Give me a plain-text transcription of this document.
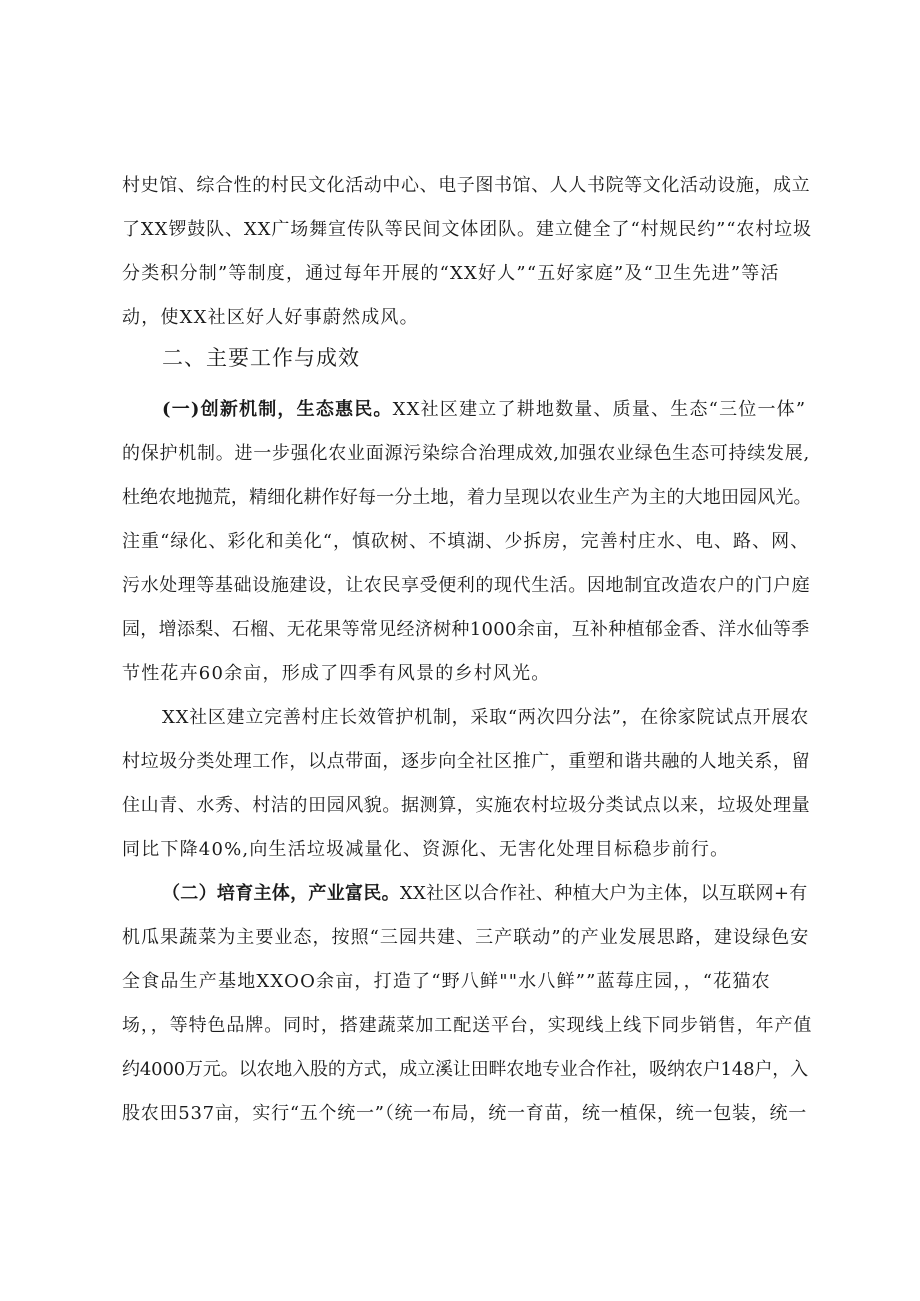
村史馆、综合性的村民文化活动中心、电子图书馆、人人书院等文化活动设施，成立
了XX锣鼓队、XX广场舞宣传队等民间文体团队。建立健全了“村规民约”“农村垃圾
分类积分制”等制度，通过每年开展的“XX好人”“五好家庭”及“卫生先进”等活
动，使XX社区好人好事蔚然成风。
二、主要工作与成效
(一)创新机制，生态惠民。XX社区建立了耕地数量、质量、生态“三位一体”
的保护机制。进一步强化农业面源污染综合治理成效,加强农业绿色生态可持续发展,
杜绝农地抛荒，精细化耕作好每一分土地，着力呈现以农业生产为主的大地田园风光。
注重“绿化、彩化和美化“，慎砍树、不填湖、少拆房，完善村庄水、电、路、网、
污水处理等基础设施建设，让农民享受便利的现代生活。因地制宜改造农户的门户庭
园，增添梨、石榴、无花果等常见经济树种1000余亩，互补种植郁金香、洋水仙等季
节性花卉60余亩，形成了四季有风景的乡村风光。
XX社区建立完善村庄长效管护机制，采取“两次四分法”，在徐家院试点开展农
村垃圾分类处理工作，以点带面，逐步向全社区推广，重塑和谐共融的人地关系，留
住山青、水秀、村洁的田园风貌。据测算，实施农村垃圾分类试点以来，垃圾处理量
同比下降40%,向生活垃圾减量化、资源化、无害化处理目标稳步前行。
（二）培育主体，产业富民。XX社区以合作社、种植大户为主体，以互联网+有
机瓜果蔬菜为主要业态，按照“三园共建、三产联动”的产业发展思路，建设绿色安
全食品生产基地XXOO余亩，打造了“野八鲜""水八鲜””蓝莓庄园，，“花猫农
场，，等特色品牌。同时，搭建蔬菜加工配送平台，实现线上线下同步销售，年产值
约4000万元。以农地入股的方式，成立溪让田畔农地专业合作社，吸纳农户148户，入
股农田537亩，实行“五个统一”（统一布局，统一育苗，统一植保，统一包装，统一
